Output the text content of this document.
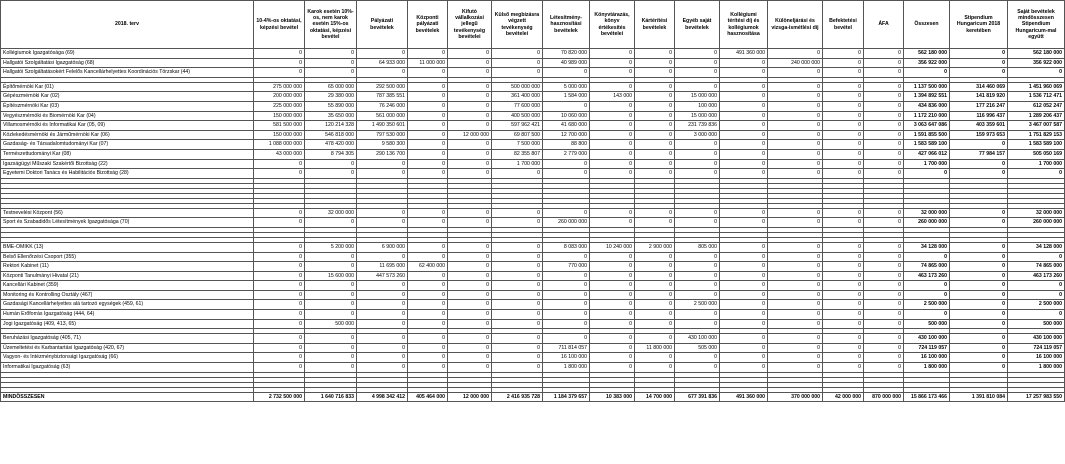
2018. terv	10-4%-os oktatási, képzési bevétel	Karok esetén 10%-os, nem karok esetén 15%-os oktatási, képzési bevétel	Pályázati bevételek	Központi pályázati bevételek	Kifutó vállalkozási jellegű tevékenység bevételei	Külső megbízásra végzett tevékenység bevételei	Létesítmény-hasznosítási bevételek	Könyvtárazás, könyv értékesítés bevételei	Kártérítési bevételek	Egyéb saját bevételek	Kollégiumi térítési díj és kollégiumok hasznosítása	Különeljárási és vizsga-ismétlési díj	Befektetési bevétel	ÁFA	Összesen	Stipendium Hungaricum 2018 keretében	Saját bevételek mindösszesen Stipendium Hungaricum-mal együtt
Kollégiumok Igazgatósága (69)	0	0	0	0	0	0	70 820 000	0	0	0	491 360 000	0	0	0	562 180 000	0	562 180 000
Hallgatói Szolgáltatási Igazgatóság (68)	0	0	64 933 000	11 000 000	0	0	40 989 000	0	0	0	0	240 000 000	0	0	356 922 000	0	356 922 000
Hallgatói Szolgáltatásokért Felelős Kancellárhelyettes Koordinációs Törzskar (44)	0	0	0	0	0	0	0	0	0	0	0	0	0	0	0	0	0

Építőmérnöki Kar (01)	275 000 000	65 000 000	292 500 000	0	0	500 000 000	5 000 000	0	0	0	0	0	0	0	1 137 500 000	314 460 069	1 451 960 069
Gépészmérnöki Kar (02)	200 000 000	29 380 000	787 385 551	0	0	361 400 000	1 584 000	143 000	0	15 000 000	0	0	0	0	1 394 892 551	141 819 920	1 536 712 471
Építészmérnöki Kar (03)	225 000 000	55 890 000	76 246 000	0	0	77 600 000	0	0	0	100 000	0	0	0	0	434 836 000	177 216 247	612 052 247
Vegyészmérnöki és Biomérnöki Kar (04)	150 000 000	35 650 000	561 000 000	0	0	400 500 000	10 060 000	0	0	15 000 000	0	0	0	0	1 172 210 000	116 996 437	1 289 206 437
Villamosmérnöki és Informatikai Kar (05, 09)	581 500 000	120 214 328	1 490 350 601	0	0	597 962 421	41 680 000	0	0	231 739 836	0	0	0	0	3 063 647 086	403 359 601	3 467 007 587
Közlekedésmérnöki és Járműmérnöki Kar (06)	150 000 000	546 818 000	797 530 000	0	12 000 000	69 807 500	12 700 000	0	0	3 000 000	0	0	0	0	1 591 855 500	159 973 653	1 751 829 153
Gazdaság- és Társadalomtudományi Kar (07)	1 088 000 000	478 420 000	9 580 300	0	0	7 500 000	88 800	0	0	0	0	0	0	0	1 583 589 100	0	1 583 589 100
Természettudományi Kar (08)	43 000 000	8 794 305	290 136 700	0	0	82 355 807	2 779 000	0	0	0	0	0	0	0	427 066 012	77 984 157	505 050 169
Igazságügyi Műszaki Szakértői Bizottság (22)	0	0	0	0	0	1 700 000	0	0	0	0	0	0	0	0	1 700 000	0	1 700 000
Egyetemi Doktori Tanács és Habilitációs Bizottság (28)	0	0	0	0	0	0	0	0	0	0	0	0	0	0	0	0	0

Testnevelési Központ (56)	0	32 000 000	0	0	0	0	0	0	0	0	0	0	0	0	32 000 000	0	32 000 000
Sport és Szabadidős Létesítmények Igazgatósága (70)	0	0	0	0	0	0	260 000 000	0	0	0	0	0	0	0	260 000 000	0	260 000 000

BME-OMIKK (13)	0	5 200 000	6 900 000	0	0	0	8 083 000	10 240 000	2 900 000	805 000	0	0	0	0	34 128 000	0	34 128 000
Belső Ellenőrzési Csoport (355)	0	0	0	0	0	0	0	0	0	0	0	0	0	0	0	0	0
Rektori Kabinet (11)	0	0	11 695 000	62 400 000	0	0	770 000	0	0	0	0	0	0	0	74 865 000	0	74 865 000
Központi Tanulmányi Hivatal (21)	0	15 600 000	447 573 260	0	0	0	0	0	0	0	0	0	0	0	463 173 260	0	463 173 260
Kancellári Kabinet (359)	0	0	0	0	0	0	0	0	0	0	0	0	0	0	0	0	0
Monitoring és Kontrolling Osztály (467)	0	0	0	0	0	0	0	0	0	0	0	0	0	0	0	0	0
Gazdasági Kancellárhelyettes alá tartozó egységek (459, 61)	0	0	0	0	0	0	0	0	0	2 500 000	0	0	0	0	2 500 000	0	2 500 000
Humán Erőforrás Igazgatóság (444, 64)	0	0	0	0	0	0	0	0	0	0	0	0	0	0	0	0	0
Jogi Igazgatóság (409, 413, 65)	0	500 000	0	0	0	0	0	0	0	0	0	0	0	0	500 000	0	500 000

Beruházási Igazgatóság (405, 71)	0	0	0	0	0	0	0	0	0	430 100 000	0	0	0	0	430 100 000	0	430 100 000
Üzemeltetési és Karbantartási Igazgatóság (420, 67)	0	0	0	0	0	0	711 814 057	0	11 800 000	505 000	0	0	0	0	724 119 057	0	724 119 057
Vagyon- és Intézménybiztonsági Igazgatóság (66)	0	0	0	0	0	0	16 100 000	0	0	0	0	0	0	0	16 100 000	0	16 100 000
Informatikai Igazgatóság (63)	0	0	0	0	0	0	1 800 000	0	0	0	0	0	0	0	1 800 000	0	1 800 000

MINDÖSSZESEN	2 732 500 000	1 640 716 833	4 998 342 412	405 464 000	12 000 000	2 416 935 728	1 184 379 657	10 383 000	14 700 000	677 391 836	491 360 000	370 000 000	42 000 000	870 000 000	15 866 173 466	1 391 810 084	17 257 983 550
